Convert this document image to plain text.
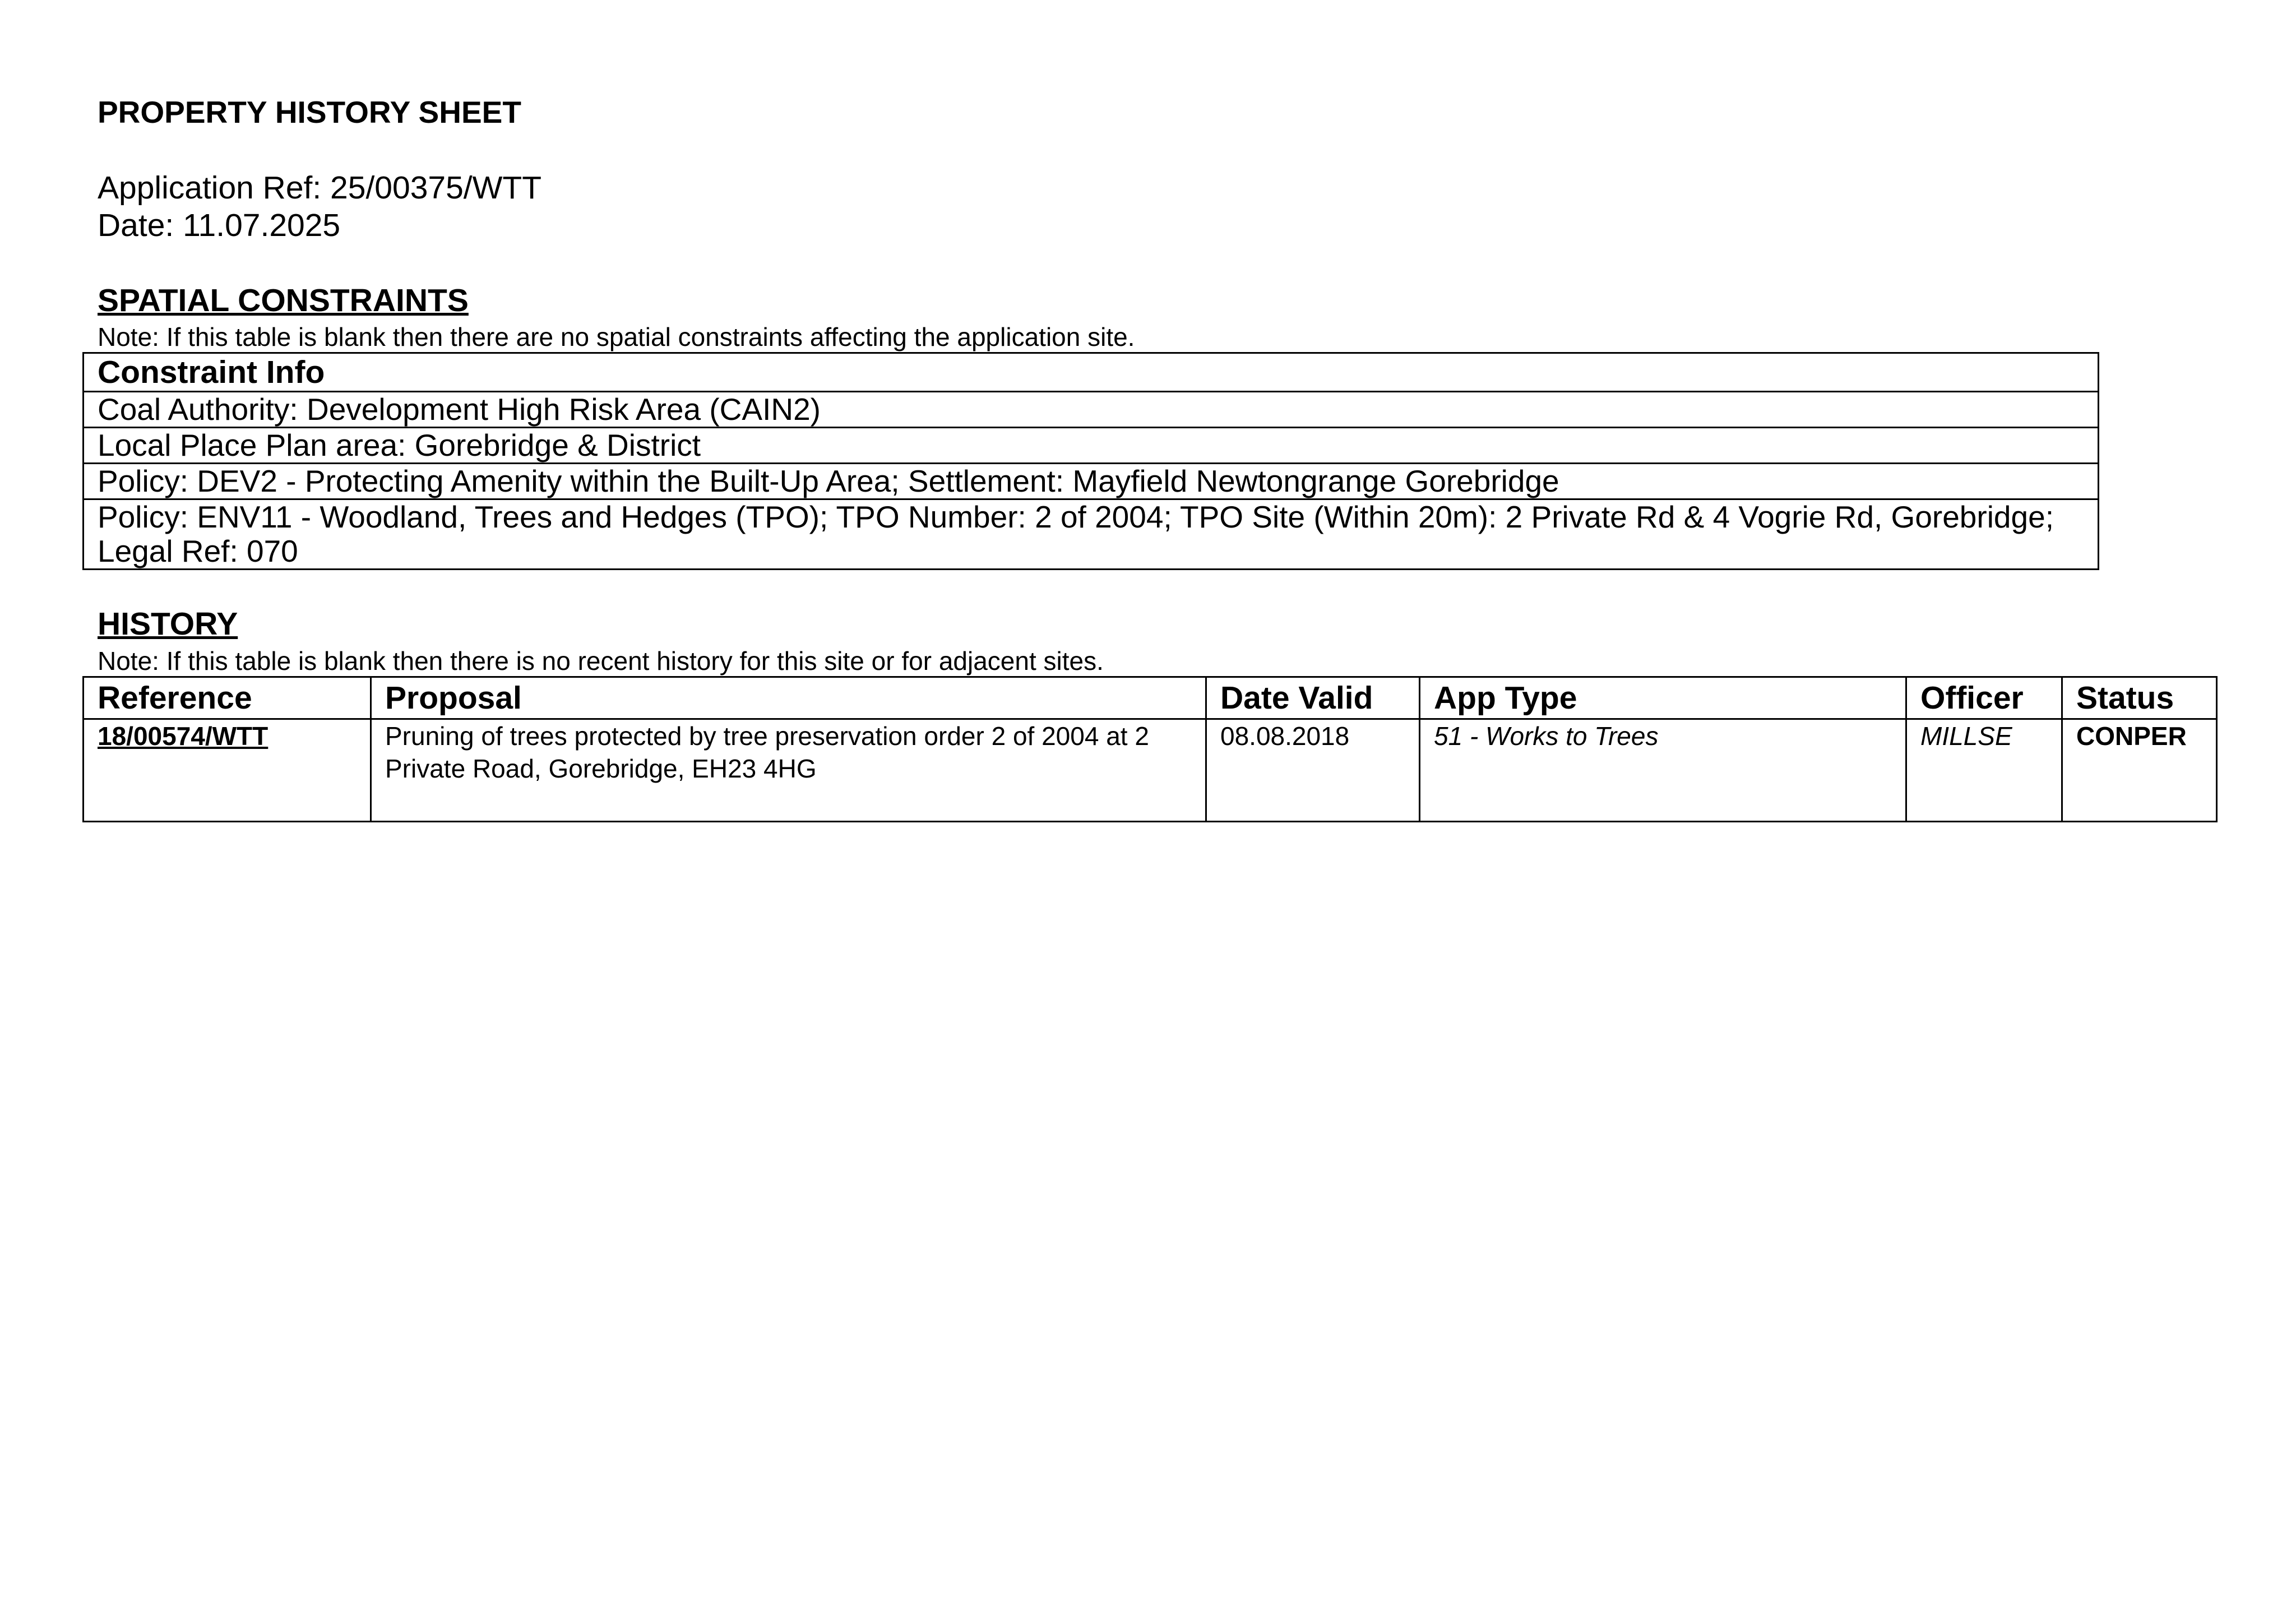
PROPERTY HISTORY SHEET
Application Ref: 25/00375/WTT
Date: 11.07.2025
SPATIAL CONSTRAINTS
Note: If this table is blank then there are no spatial constraints affecting the application site.
Constraint Info
Coal Authority: Development High Risk Area (CAIN2)
Local Place Plan area: Gorebridge & District
Policy: DEV2 - Protecting Amenity within the Built-Up Area; Settlement: Mayfield Newtongrange Gorebridge
Policy: ENV11 - Woodland, Trees and Hedges (TPO); TPO Number: 2 of 2004; TPO Site (Within 20m): 2 Private Rd & 4 Vogrie Rd, Gorebridge; Legal Ref: 070
HISTORY
Note: If this table is blank then there is no recent history for this site or for adjacent sites.
Reference	Proposal	Date Valid	App Type	Officer	Status
18/00574/WTT	Pruning of trees protected by tree preservation order 2 of 2004 at 2 Private Road, Gorebridge, EH23 4HG	08.08.2018	51 - Works to Trees	MILLSE	CONPER
